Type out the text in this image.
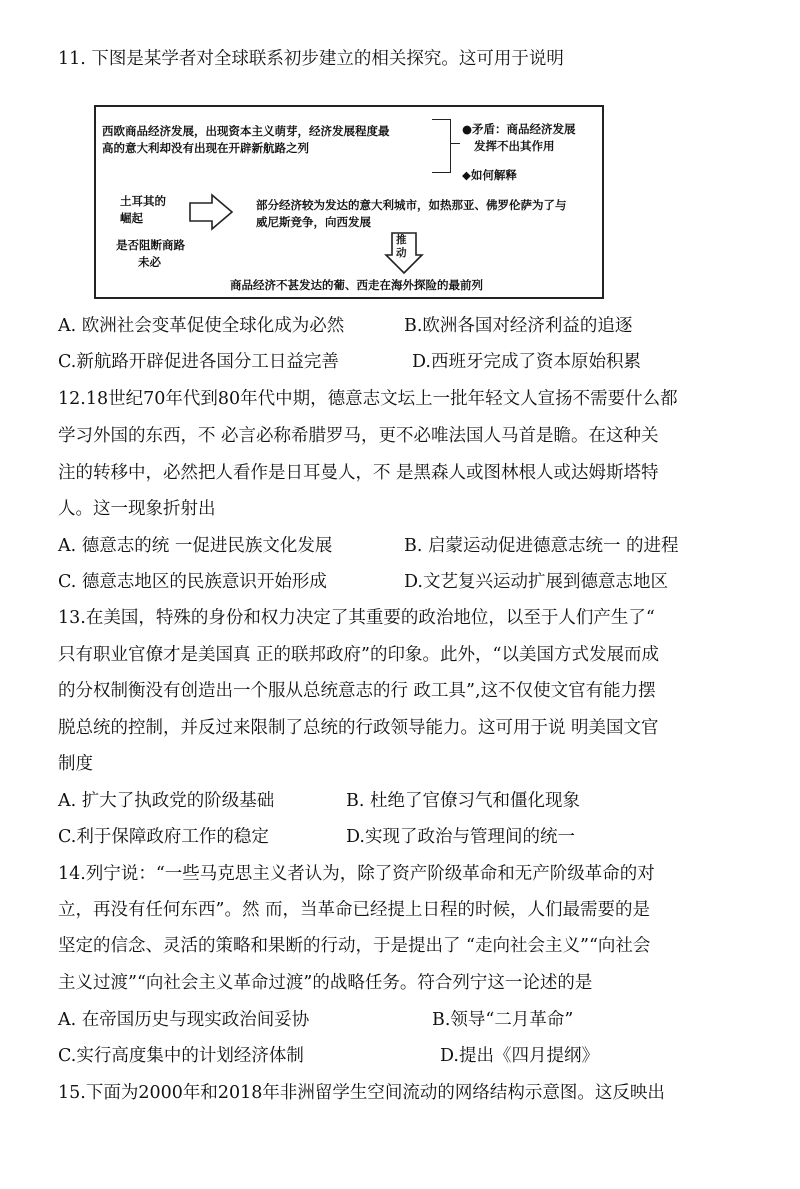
11. 下图是某学者对全球联系初步建立的相关探究。这可用于说明
西欧商品经济发展，出现资本主义萌芽，经济发展程度最
高的意大利却没有出现在开辟新航路之列
●矛盾：商品经济发展
发挥不出其作用
◆如何解释
土耳其的
崛起
部分经济较为发达的意大利城市，如热那亚、佛罗伦萨为了与
威尼斯竞争，向西发展
是否阻断商路
未必
推动
商品经济不甚发达的葡、西走在海外探险的最前列
A. 欧洲社会变革促使全球化成为必然	B.欧洲各国对经济利益的追逐
C.新航路开辟促进各国分工日益完善	D.西班牙完成了资本原始积累
12.18世纪70年代到80年代中期，德意志文坛上一批年轻文人宣扬不需要什么都
学习外国的东西，不 必言必称希腊罗马，更不必唯法国人马首是瞻。在这种关
注的转移中，必然把人看作是日耳曼人，不 是黑森人或图林根人或达姆斯塔特
人。这一现象折射出
A. 德意志的统 一促进民族文化发展	B. 启蒙运动促进德意志统一 的进程
C. 德意志地区的民族意识开始形成	D.文艺复兴运动扩展到德意志地区
13.在美国，特殊的身份和权力决定了其重要的政治地位，以至于人们产生了“
只有职业官僚才是美国真 正的联邦政府”的印象。此外，“以美国方式发展而成
的分权制衡没有创造出一个服从总统意志的行 政工具”,这不仅使文官有能力摆
脱总统的控制，并反过来限制了总统的行政领导能力。这可用于说 明美国文官
制度
A. 扩大了执政党的阶级基础	B. 杜绝了官僚习气和僵化现象
C.利于保障政府工作的稳定	D.实现了政治与管理间的统一
14.列宁说：“一些马克思主义者认为，除了资产阶级革命和无产阶级革命的对
立，再没有任何东西”。然 而，当革命已经提上日程的时候，人们最需要的是
坚定的信念、灵活的策略和果断的行动，于是提出了 “走向社会主义”“向社会
主义过渡”“向社会主义革命过渡”的战略任务。符合列宁这一论述的是
A. 在帝国历史与现实政治间妥协	B.领导“二月革命”
C.实行高度集中的计划经济体制	D.提出《四月提纲》
15.下面为2000年和2018年非洲留学生空间流动的网络结构示意图。这反映出
